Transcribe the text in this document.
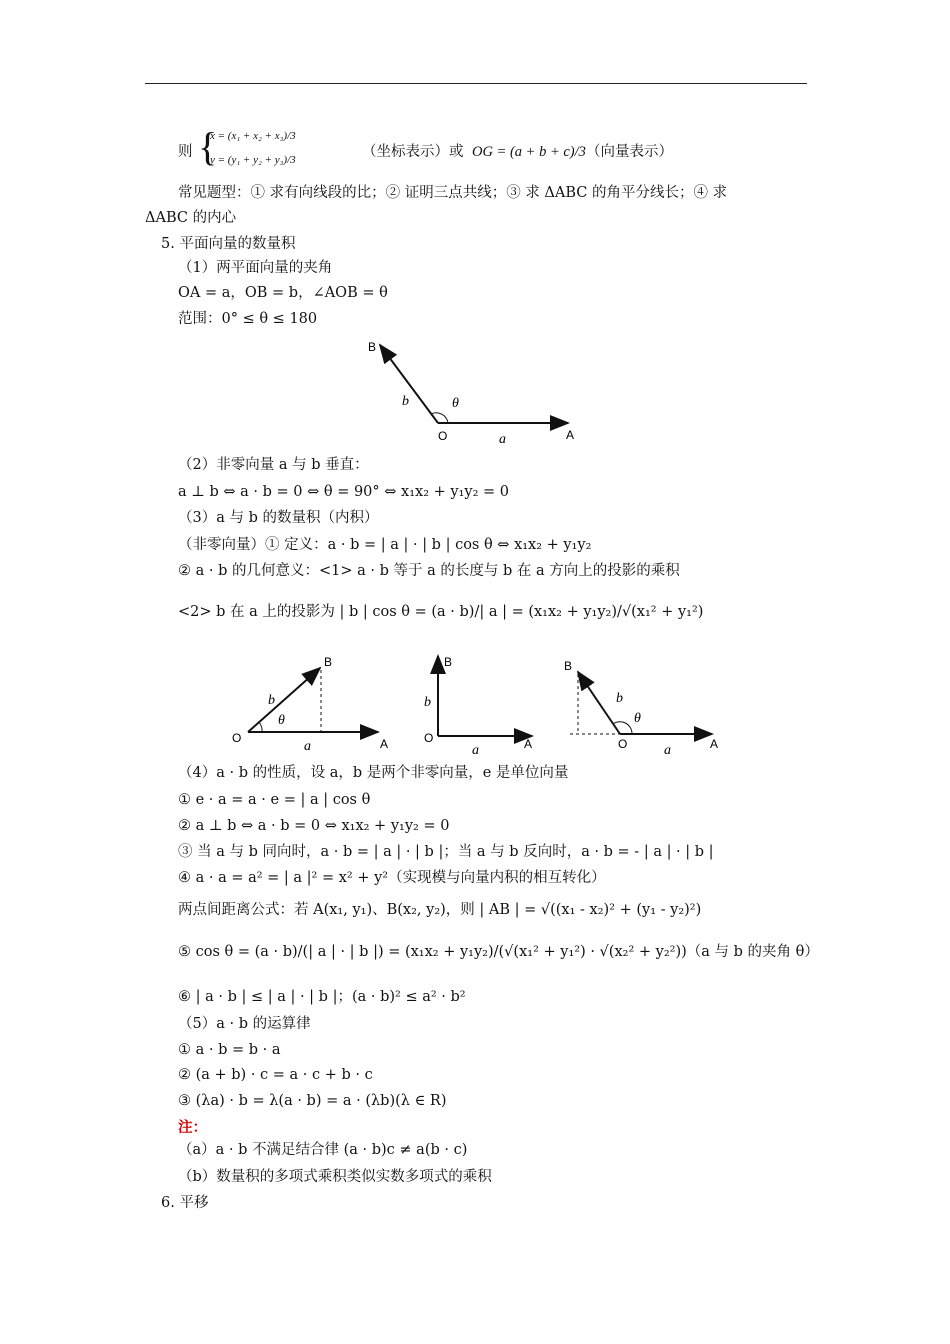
则 {
x = (x₁ + x₂ + x₃)/3
y = (y₁ + y₂ + y₃)/3	（坐标表示）或 OG = (a + b + c)/3 （向量表示）
常见题型：① 求有向线段的比；② 证明三点共线；③ 求 ΔABC 的角平分线长；④ 求
ΔABC 的内心
5. 平面向量的数量积
（1）两平面向量的夹角
OA = a，OB = b，∠AOB = θ
范围：0° ≤ θ ≤ 180
B
O	A
a
b	θ
（2）非零向量 a 与 b 垂直：
a ⊥ b ⇔ a · b = 0 ⇔ θ = 90° ⇔ x₁x₂ + y₁y₂ = 0
（3）a 与 b 的数量积（内积）
（非零向量）① 定义：a · b = | a | · | b | cos θ ⇔ x₁x₂ + y₁y₂
② a · b 的几何意义：<1> a · b 等于 a 的长度与 b 在 a 方向上的投影的乘积
<2> b 在 a 上的投影为 | b | cos θ = (a · b)/| a | = (x₁x₂ + y₁y₂)/√(x₁² + y₁²)
O	A
B
a
b
θ
B
O	A
a
b
B
O	A
a
b
θ
（4）a · b 的性质，设 a，b 是两个非零向量，e 是单位向量
① e · a = a · e = | a | cos θ
② a ⊥ b ⇔ a · b = 0 ⇔ x₁x₂ + y₁y₂ = 0
③ 当 a 与 b 同向时，a · b = | a | · | b |；当 a 与 b 反向时，a · b = - | a | · | b |
④ a · a = a² = | a |² = x² + y²（实现模与向量内积的相互转化）
两点间距离公式：若 A(x₁, y₁)、B(x₂, y₂)，则 | AB | = √((x₁ - x₂)² + (y₁ - y₂)²)
⑤ cos θ = (a · b)/(| a | · | b |) = (x₁x₂ + y₁y₂)/(√(x₁² + y₁²) · √(x₂² + y₂²))（a 与 b 的夹角 θ）
⑥ | a · b | ≤ | a | · | b |；(a · b)² ≤ a² · b²
（5）a · b 的运算律
① a · b = b · a
② (a + b) · c = a · c + b · c
③ (λa) · b = λ(a · b) = a · (λb)(λ ∈ R)
注：
（a）a · b 不满足结合律 (a · b)c ≠ a(b · c)
（b）数量积的多项式乘积类似实数多项式的乘积
6. 平移
